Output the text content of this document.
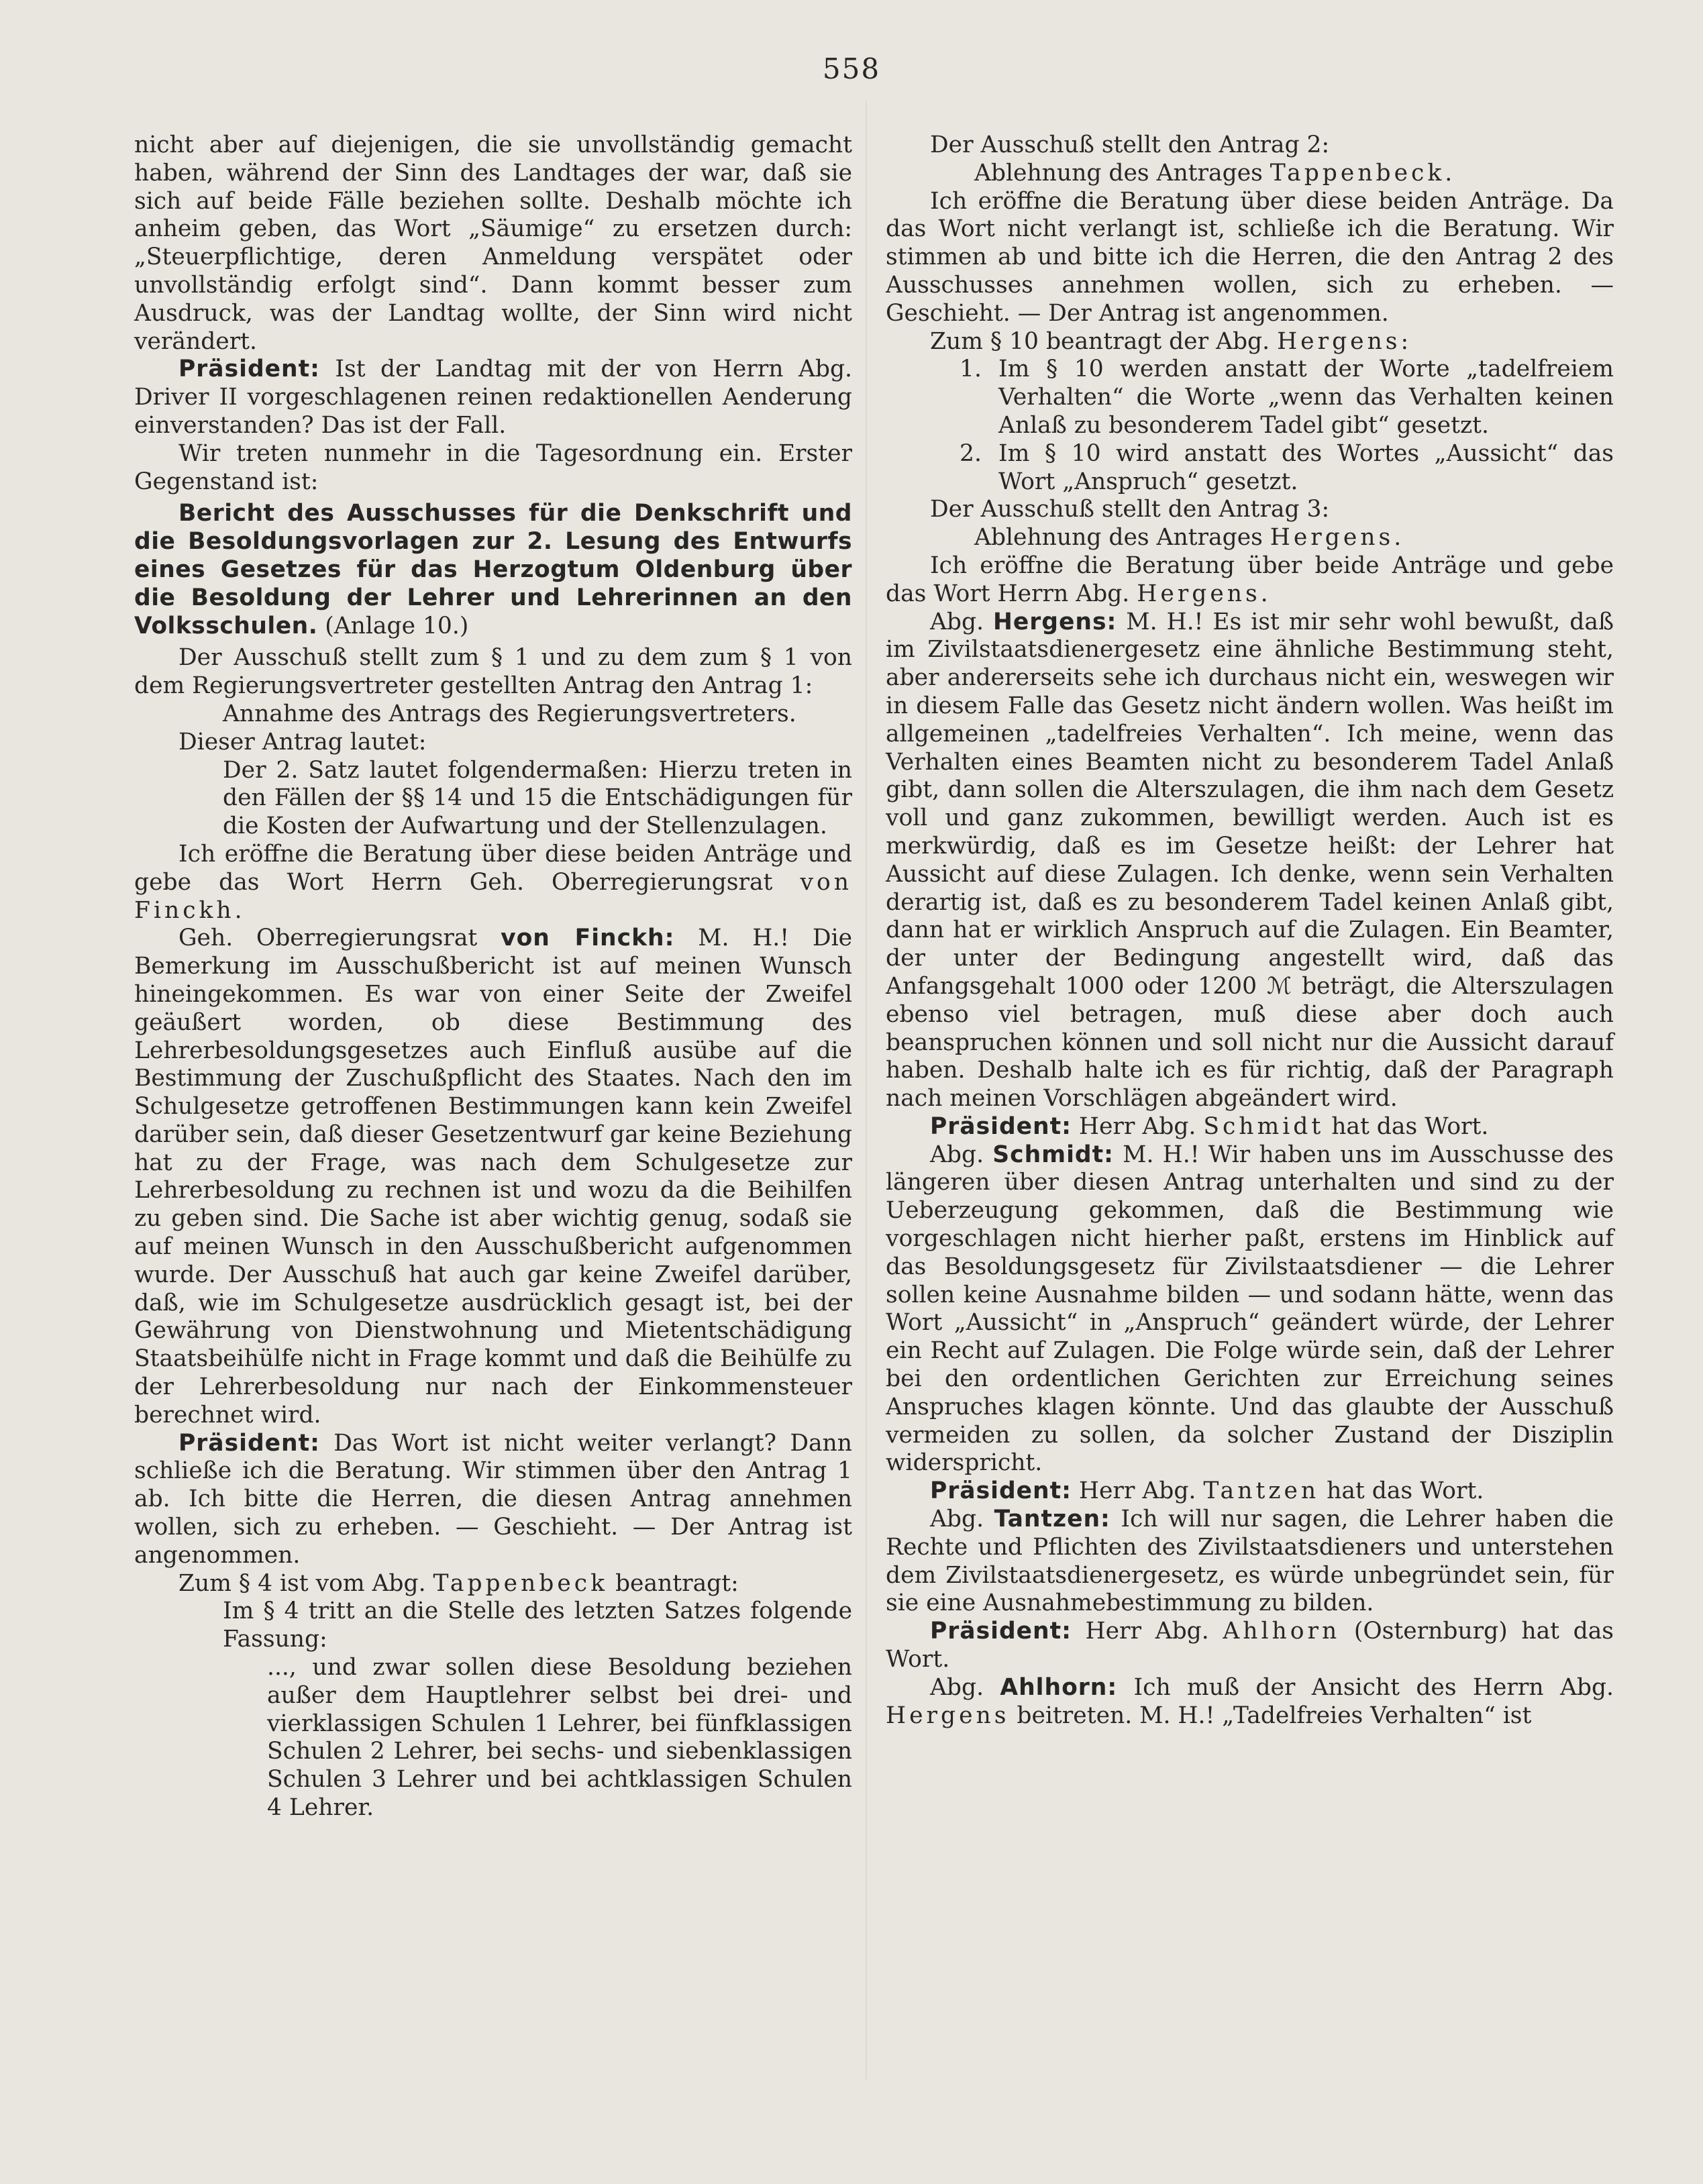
558

nicht aber auf diejenigen, die sie unvollständig gemacht haben, während der Sinn des Landtages der war, daß sie sich auf beide Fälle beziehen sollte. Deshalb möchte ich anheim geben, das Wort „Säumige“ zu ersetzen durch: „Steuerpflichtige, deren Anmeldung verspätet oder unvollständig erfolgt sind“. Dann kommt besser zum Ausdruck, was der Landtag wollte, der Sinn wird nicht verändert.

Präsident: Ist der Landtag mit der von Herrn Abg. Driver II vorgeschlagenen reinen redaktionellen Aenderung einverstanden? Das ist der Fall.

Wir treten nunmehr in die Tagesordnung ein. Erster Gegenstand ist:

Bericht des Ausschusses für die Denkschrift und die Besoldungsvorlagen zur 2. Lesung des Entwurfs eines Gesetzes für das Herzogtum Oldenburg über die Besoldung der Lehrer und Lehrerinnen an den Volksschulen. (Anlage 10.)

Der Ausschuß stellt zum § 1 und zu dem zum § 1 von dem Regierungsvertreter gestellten Antrag den Antrag 1:

Annahme des Antrags des Regierungsvertreters.

Dieser Antrag lautet:

Der 2. Satz lautet folgendermaßen: Hierzu treten in den Fällen der §§ 14 und 15 die Entschädigungen für die Kosten der Aufwartung und der Stellenzulagen.

Ich eröffne die Beratung über diese beiden Anträge und gebe das Wort Herrn Geh. Oberregierungsrat von Finckh.

Geh. Oberregierungsrat von Finckh: M. H.! Die Bemerkung im Ausschußbericht ist auf meinen Wunsch hineingekommen. Es war von einer Seite der Zweifel geäußert worden, ob diese Bestimmung des Lehrerbesoldungsgesetzes auch Einfluß ausübe auf die Bestimmung der Zuschußpflicht des Staates. Nach den im Schulgesetze getroffenen Bestimmungen kann kein Zweifel darüber sein, daß dieser Gesetzentwurf gar keine Beziehung hat zu der Frage, was nach dem Schulgesetze zur Lehrerbesoldung zu rechnen ist und wozu da die Beihilfen zu geben sind. Die Sache ist aber wichtig genug, sodaß sie auf meinen Wunsch in den Ausschußbericht aufgenommen wurde. Der Ausschuß hat auch gar keine Zweifel darüber, daß, wie im Schulgesetze ausdrücklich gesagt ist, bei der Gewährung von Dienstwohnung und Mietentschädigung Staatsbeihülfe nicht in Frage kommt und daß die Beihülfe zu der Lehrerbesoldung nur nach der Einkommensteuer berechnet wird.

Präsident: Das Wort ist nicht weiter verlangt? Dann schließe ich die Beratung. Wir stimmen über den Antrag 1 ab. Ich bitte die Herren, die diesen Antrag annehmen wollen, sich zu erheben. — Geschieht. — Der Antrag ist angenommen.

Zum § 4 ist vom Abg. Tappenbeck beantragt:

Im § 4 tritt an die Stelle des letzten Satzes folgende Fassung:

..., und zwar sollen diese Besoldung beziehen außer dem Hauptlehrer selbst bei drei- und vierklassigen Schulen 1 Lehrer, bei fünfklassigen Schulen 2 Lehrer, bei sechs- und siebenklassigen Schulen 3 Lehrer und bei achtklassigen Schulen 4 Lehrer.

Der Ausschuß stellt den Antrag 2:

Ablehnung des Antrages Tappenbeck.

Ich eröffne die Beratung über diese beiden Anträge. Da das Wort nicht verlangt ist, schließe ich die Beratung. Wir stimmen ab und bitte ich die Herren, die den Antrag 2 des Ausschusses annehmen wollen, sich zu erheben. — Geschieht. — Der Antrag ist angenommen.

Zum § 10 beantragt der Abg. Hergens:

1. Im § 10 werden anstatt der Worte „tadelfreiem Verhalten“ die Worte „wenn das Verhalten keinen Anlaß zu besonderem Tadel gibt“ gesetzt.
2. Im § 10 wird anstatt des Wortes „Aussicht“ das Wort „Anspruch“ gesetzt.

Der Ausschuß stellt den Antrag 3:

Ablehnung des Antrages Hergens.

Ich eröffne die Beratung über beide Anträge und gebe das Wort Herrn Abg. Hergens.

Abg. Hergens: M. H.! Es ist mir sehr wohl bewußt, daß im Zivilstaatsdienergesetz eine ähnliche Bestimmung steht, aber andererseits sehe ich durchaus nicht ein, weswegen wir in diesem Falle das Gesetz nicht ändern wollen. Was heißt im allgemeinen „tadelfreies Verhalten“. Ich meine, wenn das Verhalten eines Beamten nicht zu besonderem Tadel Anlaß gibt, dann sollen die Alterszulagen, die ihm nach dem Gesetz voll und ganz zukommen, bewilligt werden. Auch ist es merkwürdig, daß es im Gesetze heißt: der Lehrer hat Aussicht auf diese Zulagen. Ich denke, wenn sein Verhalten derartig ist, daß es zu besonderem Tadel keinen Anlaß gibt, dann hat er wirklich Anspruch auf die Zulagen. Ein Beamter, der unter der Bedingung angestellt wird, daß das Anfangsgehalt 1000 oder 1200 ℳ beträgt, die Alterszulagen ebenso viel betragen, muß diese aber doch auch beanspruchen können und soll nicht nur die Aussicht darauf haben. Deshalb halte ich es für richtig, daß der Paragraph nach meinen Vorschlägen abgeändert wird.

Präsident: Herr Abg. Schmidt hat das Wort.

Abg. Schmidt: M. H.! Wir haben uns im Ausschusse des längeren über diesen Antrag unterhalten und sind zu der Ueberzeugung gekommen, daß die Bestimmung wie vorgeschlagen nicht hierher paßt, erstens im Hinblick auf das Besoldungsgesetz für Zivilstaatsdiener — die Lehrer sollen keine Ausnahme bilden — und sodann hätte, wenn das Wort „Aussicht“ in „Anspruch“ geändert würde, der Lehrer ein Recht auf Zulagen. Die Folge würde sein, daß der Lehrer bei den ordentlichen Gerichten zur Erreichung seines Anspruches klagen könnte. Und das glaubte der Ausschuß vermeiden zu sollen, da solcher Zustand der Disziplin widerspricht.

Präsident: Herr Abg. Tantzen hat das Wort.

Abg. Tantzen: Ich will nur sagen, die Lehrer haben die Rechte und Pflichten des Zivilstaatsdieners und unterstehen dem Zivilstaatsdienergesetz, es würde unbegründet sein, für sie eine Ausnahmebestimmung zu bilden.

Präsident: Herr Abg. Ahlhorn (Osternburg) hat das Wort.

Abg. Ahlhorn: Ich muß der Ansicht des Herrn Abg. Hergens beitreten. M. H.! „Tadelfreies Verhalten“ ist
